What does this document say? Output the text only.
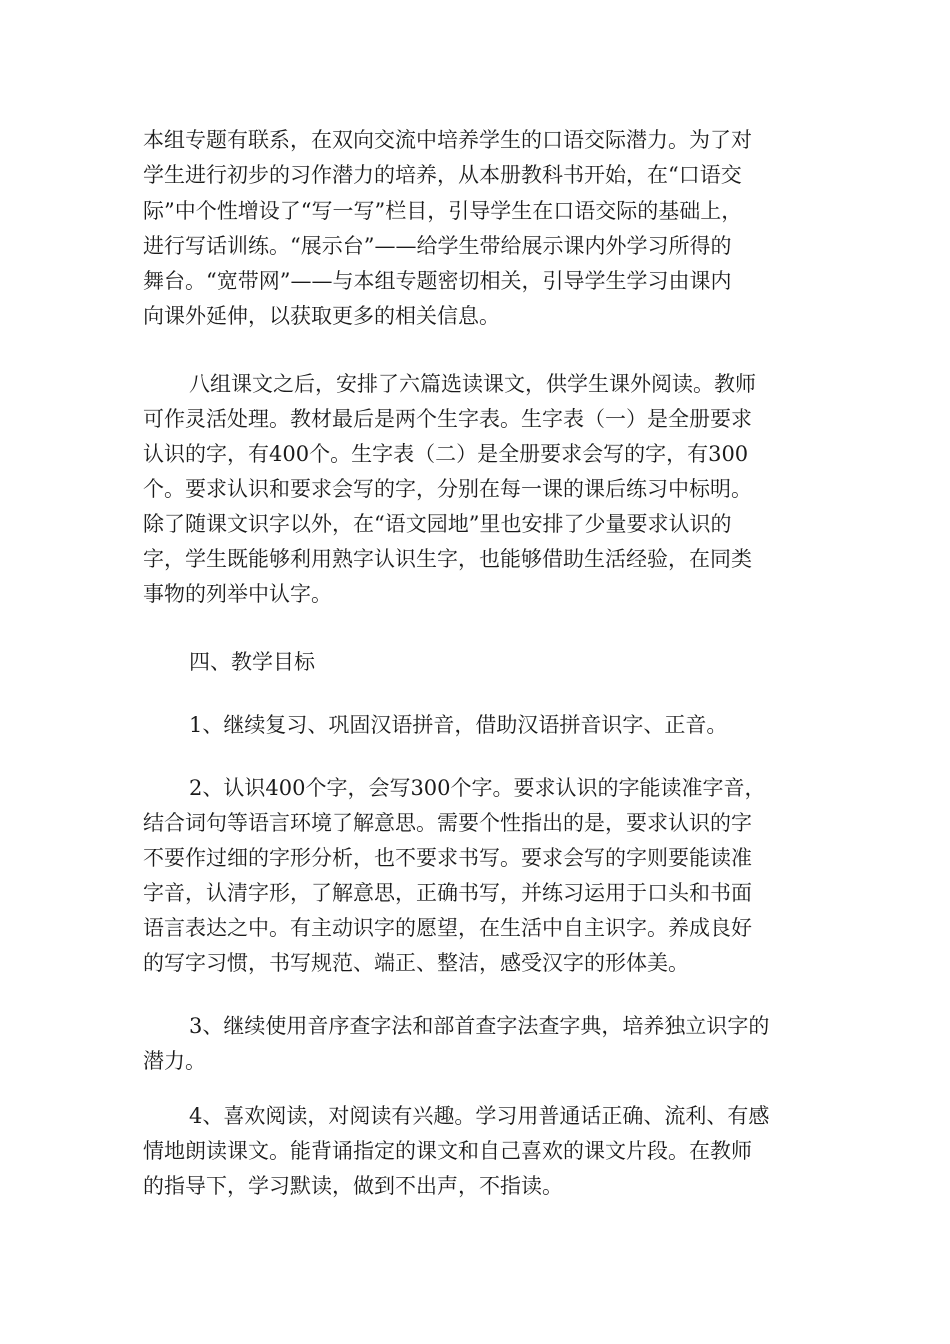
本组专题有联系，在双向交流中培养学生的口语交际潜力。为了对
学生进行初步的习作潜力的培养，从本册教科书开始，在“口语交
际”中个性增设了“写一写”栏目，引导学生在口语交际的基础上，
进行写话训练。“展示台”——给学生带给展示课内外学习所得的
舞台。“宽带网”——与本组专题密切相关，引导学生学习由课内
向课外延伸，以获取更多的相关信息。
八组课文之后，安排了六篇选读课文，供学生课外阅读。教师
可作灵活处理。教材最后是两个生字表。生字表（一）是全册要求
认识的字，有400个。生字表（二）是全册要求会写的字，有300
个。要求认识和要求会写的字，分别在每一课的课后练习中标明。
除了随课文识字以外，在“语文园地”里也安排了少量要求认识的
字，学生既能够利用熟字认识生字，也能够借助生活经验，在同类
事物的列举中认字。
四、教学目标
1、继续复习、巩固汉语拼音，借助汉语拼音识字、正音。
2、认识400个字，会写300个字。要求认识的字能读准字音，
结合词句等语言环境了解意思。需要个性指出的是，要求认识的字
不要作过细的字形分析，也不要求书写。要求会写的字则要能读准
字音，认清字形，了解意思，正确书写，并练习运用于口头和书面
语言表达之中。有主动识字的愿望，在生活中自主识字。养成良好
的写字习惯，书写规范、端正、整洁，感受汉字的形体美。
3、继续使用音序查字法和部首查字法查字典，培养独立识字的
潜力。
4、喜欢阅读，对阅读有兴趣。学习用普通话正确、流利、有感
情地朗读课文。能背诵指定的课文和自己喜欢的课文片段。在教师
的指导下，学习默读，做到不出声，不指读。
